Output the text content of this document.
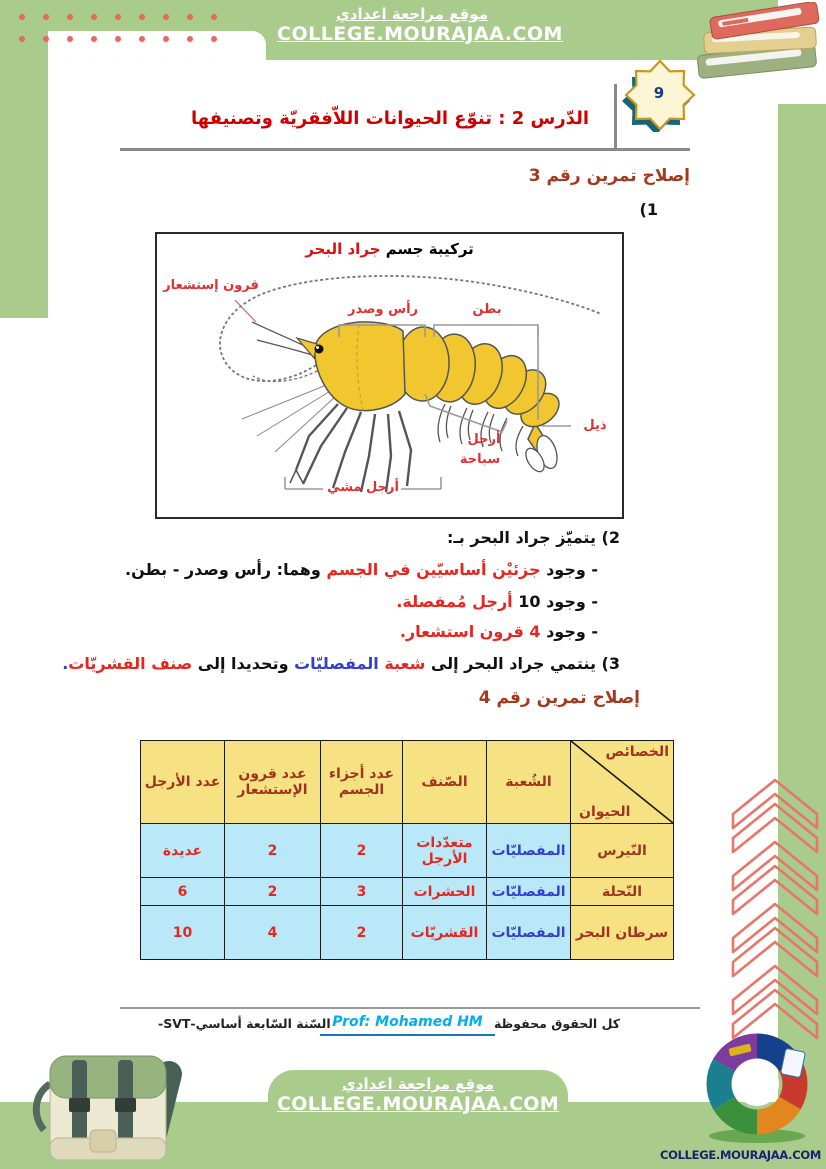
موقع مراجعة اعدادي
COLLEGE.MOURAJAA.COM
9
الدّرس 2 : تنوّع الحيوانات اللاّفقريّة وتصنيفها
إصلاح تمرين رقم 3
(1
تركيبة جسم جراد البحر
قرون إستشعار
رأس وصدر	بطن
ذيل
أرجل
سباحة
أرجل مشي
(2 يتميّز جراد البحر بـ:
- وجود جزئيْن أساسيّين في الجسم وهما: رأس وصدر - بطن.
- وجود 10 أرجل مُمفصلة.
- وجود 4 قرون استشعار.
(3 ينتمي جراد البحر إلى شعبة المفصليّات وتحديدا إلى صنف القشريّات.
إصلاح تمرين رقم 4
الخصائص
الحيوان	الشُعبة	الصّنف	عدد أجزاء الجسم	عدد قرون الإستشعار	عدد الأرجل
النّيرس	المفصليّات	متعدّدات الأرجل	2	2	عديدة
النّحلة	المفصليّات	الحشرات	3	2	6
سرطان البحر	المفصليّات	القشريّات	2	4	10
كل الحقوق محفوظة
Prof: Mohamed HM
السّنة السّابعة أساسي-SVT-
موقع مراجعة اعدادي
COLLEGE.MOURAJAA.COM
COLLEGE.MOURAJAA.COM
